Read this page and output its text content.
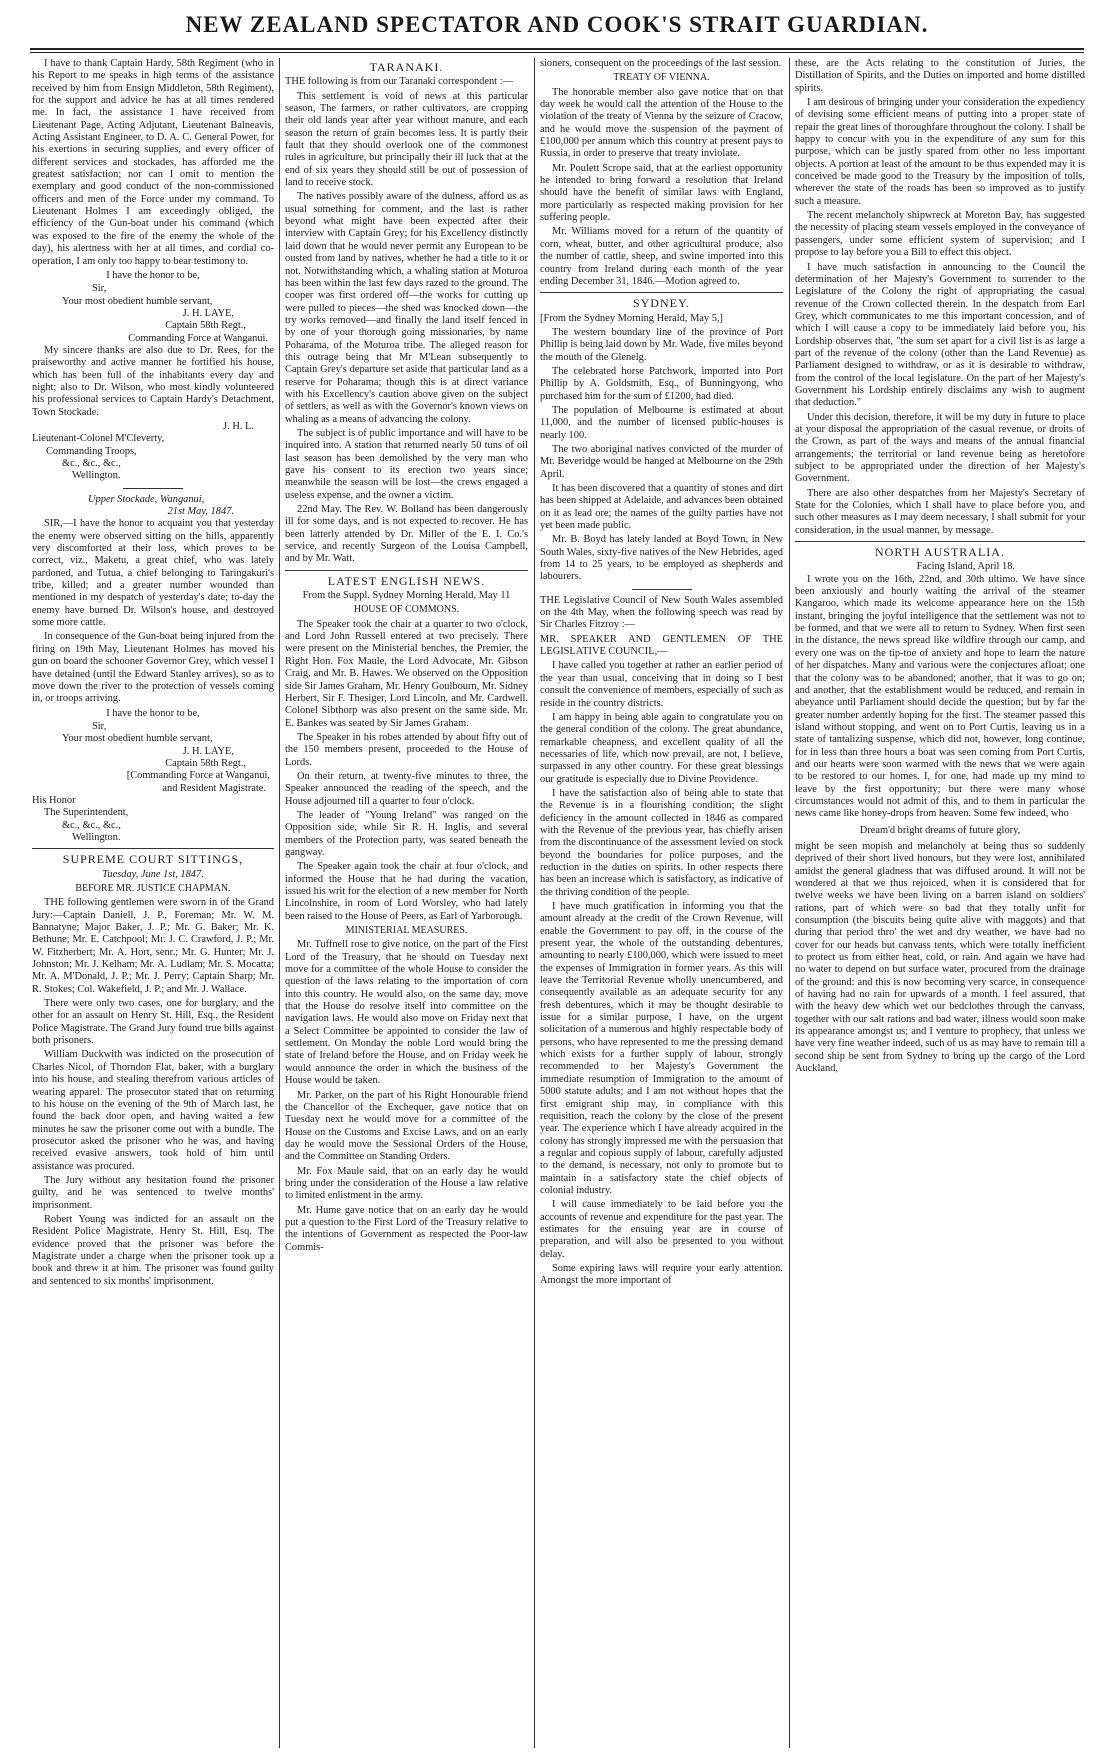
NEW ZEALAND SPECTATOR AND COOK'S STRAIT GUARDIAN.

I have to thank Captain Hardy, 58th Regiment (who in his Report to me speaks in high terms of the assistance received by him from Ensign Middleton, 58th Regiment), for the support and advice he has at all times rendered me. In fact, the assistance I have received from Lieutenant Page, Acting Adjutant, Lieutenant Balneavis, Acting Assistant Engineer, to D. A. C. General Power, for his exertions in securing supplies, and every officer of different services and stockades, has afforded me the greatest satisfaction; nor can I omit to mention the exemplary and good conduct of the non-commissioned officers and men of the Force under my command. To Lieutenant Holmes I am exceedingly obliged, the efficiency of the Gun-boat under his command (which was exposed to the fire of the enemy the whole of the day), his alertness with her at all times, and cordial co-operation, I am only too happy to bear testimony to.

I have the honor to be,

Sir,

Your most obedient humble servant,

J. H. LAYE,

Captain 58th Regt.,

Commanding Force at Wanganui.

My sincere thanks are also due to Dr. Rees, for the praiseworthy and active manner he fortified his house, which has been full of the inhabitants every day and night; also to Dr. Wilson, who most kindly volunteered his professional services to Captain Hardy's Detachment, Town Stockade.

J. H. L.

Lieutenant-Colonel M'Cleverty,

Commanding Troops,

&c., &c., &c.,

Wellington.

Upper Stockade, Wanganui,

21st May, 1847.

SIR,—I have the honor to acquaint you that yesterday the enemy were observed sitting on the hills, apparently very discomforted at their loss, which proves to be correct, viz., Maketu, a great chief, who was lately pardoned, and Tutua, a chief belonging to Taringakuri's tribe, killed; and a greater number wounded than mentioned in my despatch of yesterday's date; to-day the enemy have burned Dr. Wilson's house, and destroyed some more cattle.

In consequence of the Gun-boat being injured from the firing on 19th May, Lieutenant Holmes has moved his gun on board the schooner Governor Grey, which vessel I have detained (until the Edward Stanley arrives), so as to move down the river to the protection of vessels coming in, or troops arriving.

I have the honor to be,

Sir,

Your most obedient humble servant,

J. H. LAYE,

Captain 58th Regt.,

[Commanding Force at Wanganui,

and Resident Magistrate.

His Honor

The Superintendent,

&c., &c., &c.,

Wellington.

SUPREME COURT SITTINGS,

Tuesday, June 1st, 1847.

BEFORE MR. JUSTICE CHAPMAN.

THE following gentlemen were sworn in of the Grand Jury:—Captain Daniell, J. P., Foreman; Mr. W. M. Bannatyne; Major Baker, J. P.; Mr. G. Baker; Mr. K. Bethune; Mr. E. Catchpool; Mr. J. C. Crawford, J. P.; Mr. W. Fitzherbert; Mr. A. Hort, senr.; Mr. G. Hunter; Mr. J. Johnston; Mr. J. Kelham; Mr. A. Ludlam; Mr. S. Mocatta; Mr. A. M'Donald, J. P.; Mr. J. Perry; Captain Sharp; Mr. R. Stokes; Col. Wakefield, J. P.; and Mr. J. Wallace.

There were only two cases, one for burglary, and the other for an assault on Henry St. Hill, Esq., the Resident Police Magistrate. The Grand Jury found true bills against both prisoners.

William Duckwith was indicted on the prosecution of Charles Nicol, of Thorndon Flat, baker, with a burglary into his house, and stealing therefrom various articles of wearing apparel. The prosecutor stated that on returning to his house on the evening of the 9th of March last, he found the back door open, and having waited a few minutes he saw the prisoner come out with a bundle. The prosecutor asked the prisoner who he was, and having received evasive answers, took hold of him until assistance was procured.

The Jury without any hesitation found the prisoner guilty, and he was sentenced to twelve months' imprisonment.

Robert Young was indicted for an assault on the Resident Police Magistrate, Henry St. Hill, Esq. The evidence proved that the prisoner was before the Magistrate under a charge when the prisoner took up a book and threw it at him. The prisoner was found guilty and sentenced to six months' imprisonment.

TARANAKI.

THE following is from our Taranaki correspondent :—

This settlement is void of news at this particular season, The farmers, or rather cultivators, are cropping their old lands year after year without manure, and each season the return of grain becomes less. It is partly their fault that they should overlook one of the commonest rules in agriculture, but principally their ill luck that at the end of six years they should still be out of possession of land to receive stock.

The natives possibly aware of the dulness, afford us as usual something for comment, and the last is rather beyond what might have been expected after their interview with Captain Grey; for his Excellency distinctly laid down that he would never permit any European to be ousted from land by natives, whether he had a title to it or not. Notwithstanding which, a whaling station at Moturoa has been within the last few days razed to the ground. The cooper was first ordered off—the works for cutting up were pulled to pieces—the shed was knocked down—the try works removed—and finally the land itself fenced in by one of your thorough going missionaries, by name Poharama, of the Moturoa tribe. The alleged reason for this outrage being that Mr M'Lean subsequently to Captain Grey's departure set aside that particular land as a reserve for Poharama; though this is at direct variance with his Excellency's caution above given on the subject of settlers, as well as with the Governor's known views on whaling as a means of advancing the colony.

The subject is of public importance and will have to be inquired into. A station that returned nearly 50 tuns of oil last season has been demolished by the very man who gave his consent to its erection two years since; meanwhile the season will be lost—the crews engaged a useless expense, and the owner a victim.

22nd May. The Rev. W. Bolland has been dangerously ill for some days, and is not expected to recover. He has been latterly attended by Dr. Miller of the E. I. Co.'s service, and recently Surgeon of the Louisa Campbell, and by Mr. Watt.

LATEST ENGLISH NEWS.

From the Suppl. Sydney Morning Herald, May 11

HOUSE OF COMMONS.

The Speaker took the chair at a quarter to two o'clock, and Lord John Russell entered at two precisely. There were present on the Ministerial benches, the Premier, the Right Hon. Fox Maule, the Lord Advocate, Mr. Gibson Craig, and Mr. B. Hawes. We observed on the Opposition side Sir James Graham, Mr. Henry Goulbourn, Mr. Sidney Herbert, Sir F. Thesiger, Lord Lincoln, and Mr. Cardwell. Colonel Sibthorp was also present on the same side. Mr. E. Bankes was seated by Sir James Graham.

The Speaker in his robes attended by about fifty out of the 150 members present, proceeded to the House of Lords.

On their return, at twenty-five minutes to three, the Speaker announced the reading of the speech, and the House adjourned till a quarter to four o'clock.

The leader of "Young Ireland" was ranged on the Opposition side, while Sir R. H. Inglis, and several members of the Protection party, was seated beneath the gangway.

The Speaker again took the chair at four o'clock, and informed the House that he had during the vacation, issued his writ for the election of a new member for North Lincolnshire, in room of Lord Worsley, who had lately been raised to the House of Peers, as Earl of Yarborough.

MINISTERIAL MEASURES.

Mr. Tuffnell rose to give notice, on the part of the First Lord of the Treasury, that he should on Tuesday next move for a committee of the whole House to consider the question of the laws relating to the importation of corn into this country. He would also, on the same day, move that the House do resolve itself into committee on the navigation laws. He would also move on Friday next that a Select Committee be appointed to consider the law of settlement. On Monday the noble Lord would bring the state of Ireland before the House, and on Friday week he would announce the order in which the business of the House would be taken.

Mr. Parker, on the part of his Right Honourable friend the Chancellor of the Exchequer, gave notice that on Tuesday next he would move for a committee of the House on the Customs and Excise Laws, and on an early day he would move the Sessional Orders of the House, and the Committee on Standing Orders.

Mr. Fox Maule said, that on an early day he would bring under the consideration of the House a law relative to limited enlistment in the army.

Mr. Hume gave notice that on an early day he would put a question to the First Lord of the Treasury relative to the intentions of Government as respected the Poor-law Commis-

sioners, consequent on the proceedings of the last session.

TREATY OF VIENNA.

The honorable member also gave notice that on that day week he would call the attention of the House to the violation of the treaty of Vienna by the seizure of Cracow, and he would move the suspension of the payment of £100,000 per annum which this country at present pays to Russia, in order to preserve that treaty inviolate.

Mr. Poulett Scrope said, that at the earliest opportunity he intended to bring forward a resolution that Ireland should have the benefit of similar laws with England, more particularly as respected making provision for her suffering people.

Mr. Williams moved for a return of the quantity of corn, wheat, butter, and other agricultural produce, also the number of cattle, sheep, and swine imported into this country from Ireland during each month of the year ending December 31, 1846.—Motion agreed to.

SYDNEY.

[From the Sydney Morning Herald, May 5,]

The western boundary line of the province of Port Phillip is being laid down by Mr. Wade, five miles beyond the mouth of the Glenelg.

The celebrated horse Patchwork, imported into Port Phillip by A. Goldsmith, Esq., of Bunningyong, who purchased him for the sum of £1200, had died.

The population of Melbourne is estimated at about 11,000, and the number of licensed public-houses is nearly 100.

The two aboriginal natives convicted of the murder of Mr. Beveridge would be hanged at Melbourne on the 29th April.

It has been discovered that a quantity of stones and dirt has been shipped at Adelaide, and advances been obtained on it as lead ore; the names of the guilty parties have not yet been made public.

Mr. B. Boyd has lately landed at Boyd Town, in New South Wales, sixty-five natives of the New Hebrides, aged from 14 to 25 years, to be employed as shepherds and labourers.

THE Legislative Council of New South Wales assembled on the 4th May, when the following speech was read by Sir Charles Fitzroy :—

MR. SPEAKER AND GENTLEMEN OF THE LEGISLATIVE COUNCIL,—

I have called you together at rather an earlier period of the year than usual, conceiving that in doing so I best consult the convenience of members, especially of such as reside in the country districts.

I am happy in being able again to congratulate you on the general condition of the colony. The great abundance, remarkable cheapness, and excellent quality of all the necessaries of life, which now prevail, are not, I believe, surpassed in any other country. For these great blessings our gratitude is especially due to Divine Providence.

I have the satisfaction also of being able to state that the Revenue is in a flourishing condition; the slight deficiency in the amount collected in 1846 as compared with the Revenue of the previous year, has chiefly arisen from the discontinuance of the assessment levied on stock beyond the boundaries for police purposes, and the reduction in the duties on spirits. In other respects there has been an increase which is satisfactory, as indicative of the thriving condition of the people.

I have much gratification in informing you that the amount already at the credit of the Crown Revenue, will enable the Government to pay off, in the course of the present year, the whole of the outstanding debentures, amounting to nearly £100,000, which were issued to meet the expenses of Immigration in former years. As this will leave the Territorial Revenue wholly unencumbered, and consequently available as an adequate security for any fresh debentures, which it may be thought desirable to issue for a similar purpose, I have, on the urgent solicitation of a numerous and highly respectable body of persons, who have represented to me the pressing demand which exists for a further supply of labour, strongly recommended to her Majesty's Government the immediate resumption of Immigration to the amount of 5000 statute adults; and I am not without hopes that the first emigrant ship may, in compliance with this requisition, reach the colony by the close of the present year. The experience which I have already acquired in the colony has strongly impressed me with the persuasion that a regular and copious supply of labour, carefully adjusted to the demand, is necessary, not only to promote but to maintain in a satisfactory state the chief objects of colonial industry.

I will cause immediately to be laid before you the accounts of revenue and expenditure for the past year. The estimates for the ensuing year are in course of preparation, and will also be presented to you without delay.

Some expiring laws will require your early attention. Amongst the more important of

these, are the Acts relating to the constitution of Juries, the Distillation of Spirits, and the Duties on imported and home distilled spirits.

I am desirous of bringing under your consideration the expediency of devising some efficient means of putting into a proper state of repair the great lines of thoroughfare throughout the colony. I shall be happy to concur with you in the expenditure of any sum for this purpose, which can be justly spared from other no less important objects. A portion at least of the amount to be thus expended may it is conceived be made good to the Treasury by the imposition of tolls, wherever the state of the roads has been so improved as to justify such a measure.

The recent melancholy shipwreck at Moreton Bay, has suggested the necessity of placing steam vessels employed in the conveyance of passengers, under some efficient system of supervision; and I propose to lay before you a Bill to effect this object.

I have much satisfaction in announcing to the Council the determination of her Majesty's Government to surrender to the Legislature of the Colony the right of appropriating the casual revenue of the Crown collected therein. In the despatch from Earl Grey, which communicates to me this important concession, and of which I will cause a copy to be immediately laid before you, his Lordship observes that, "the sum set apart for a civil list is as large a part of the revenue of the colony (other than the Land Revenue) as Parliament designed to withdraw, or as it is desirable to withdraw, from the control of the local legislature. On the part of her Majesty's Government his Lordship entirely disclaims any wish to augment that deduction."

Under this decision, therefore, it will be my duty in future to place at your disposal the appropriation of the casual revenue, or droits of the Crown, as part of the ways and means of the annual financial arrangements; the territorial or land revenue being as heretofore subject to be appropriated under the direction of her Majesty's Government.

There are also other despatches from her Majesty's Secretary of State for the Colonies, which I shall have to place before you, and such other measures as I may deem necessary, I shall submit for your consideration, in the usual manner, by message.

NORTH AUSTRALIA.

Facing Island, April 18.

I wrote you on the 16th, 22nd, and 30th ultimo. We have since been anxiously and hourly waiting the arrival of the steamer Kangaroo, which made its welcome appearance here on the 15th instant, bringing the joyful intelligence that the settlement was not to be formed, and that we were all to return to Sydney. When first seen in the distance, the news spread like wildfire through our camp, and every one was on the tip-toe of anxiety and hope to learn the nature of her dispatches. Many and various were the conjectures afloat; one that the colony was to be abandoned; another, that it was to go on; and another, that the establishment would be reduced, and remain in abeyance until Parliament should decide the question; but by far the greater number ardently hoping for the first. The steamer passed this island without stopping, and went on to Port Curtis, leaving us in a state of tantalizing suspense, which did not, however, long continue, for in less than three hours a boat was seen coming from Port Curtis, and our hearts were soon warmed with the news that we were again to be restored to our homes. I, for one, had made up my mind to leave by the first opportunity; but there were many whose circumstances would not admit of this, and to them in particular the news came like honey-drops from heaven. Some few indeed, who

Dream'd bright dreams of future glory,

might be seen mopish and melancholy at being thus so suddenly deprived of their short lived honours, but they were lost, annihilated amidst the general gladness that was diffused around. It will not be wondered at that we thus rejoiced, when it is considered that for twelve weeks we have been living on a barren island on soldiers' rations, part of which were so bad that they totally unfit for consumption (the biscuits being quite alive with maggots) and that during that period thro' the wet and dry weather, we have had no cover for our heads but canvass tents, which were totally inefficient to protect us from either heat, cold, or rain. And again we have had no water to depend on but surface water, procured from the drainage of the ground: and this is now becoming very scarce, in consequence of having had no rain for upwards of a month. I feel assured, that with the heavy dew which wet our bedclothes through the canvass, together with our salt rations and bad water, illness would soon make its appearance amongst us; and I venture to prophecy, that unless we have very fine weather indeed, such of us as may have to remain till a second ship be sent from Sydney to bring up the cargo of the Lord Auckland,
